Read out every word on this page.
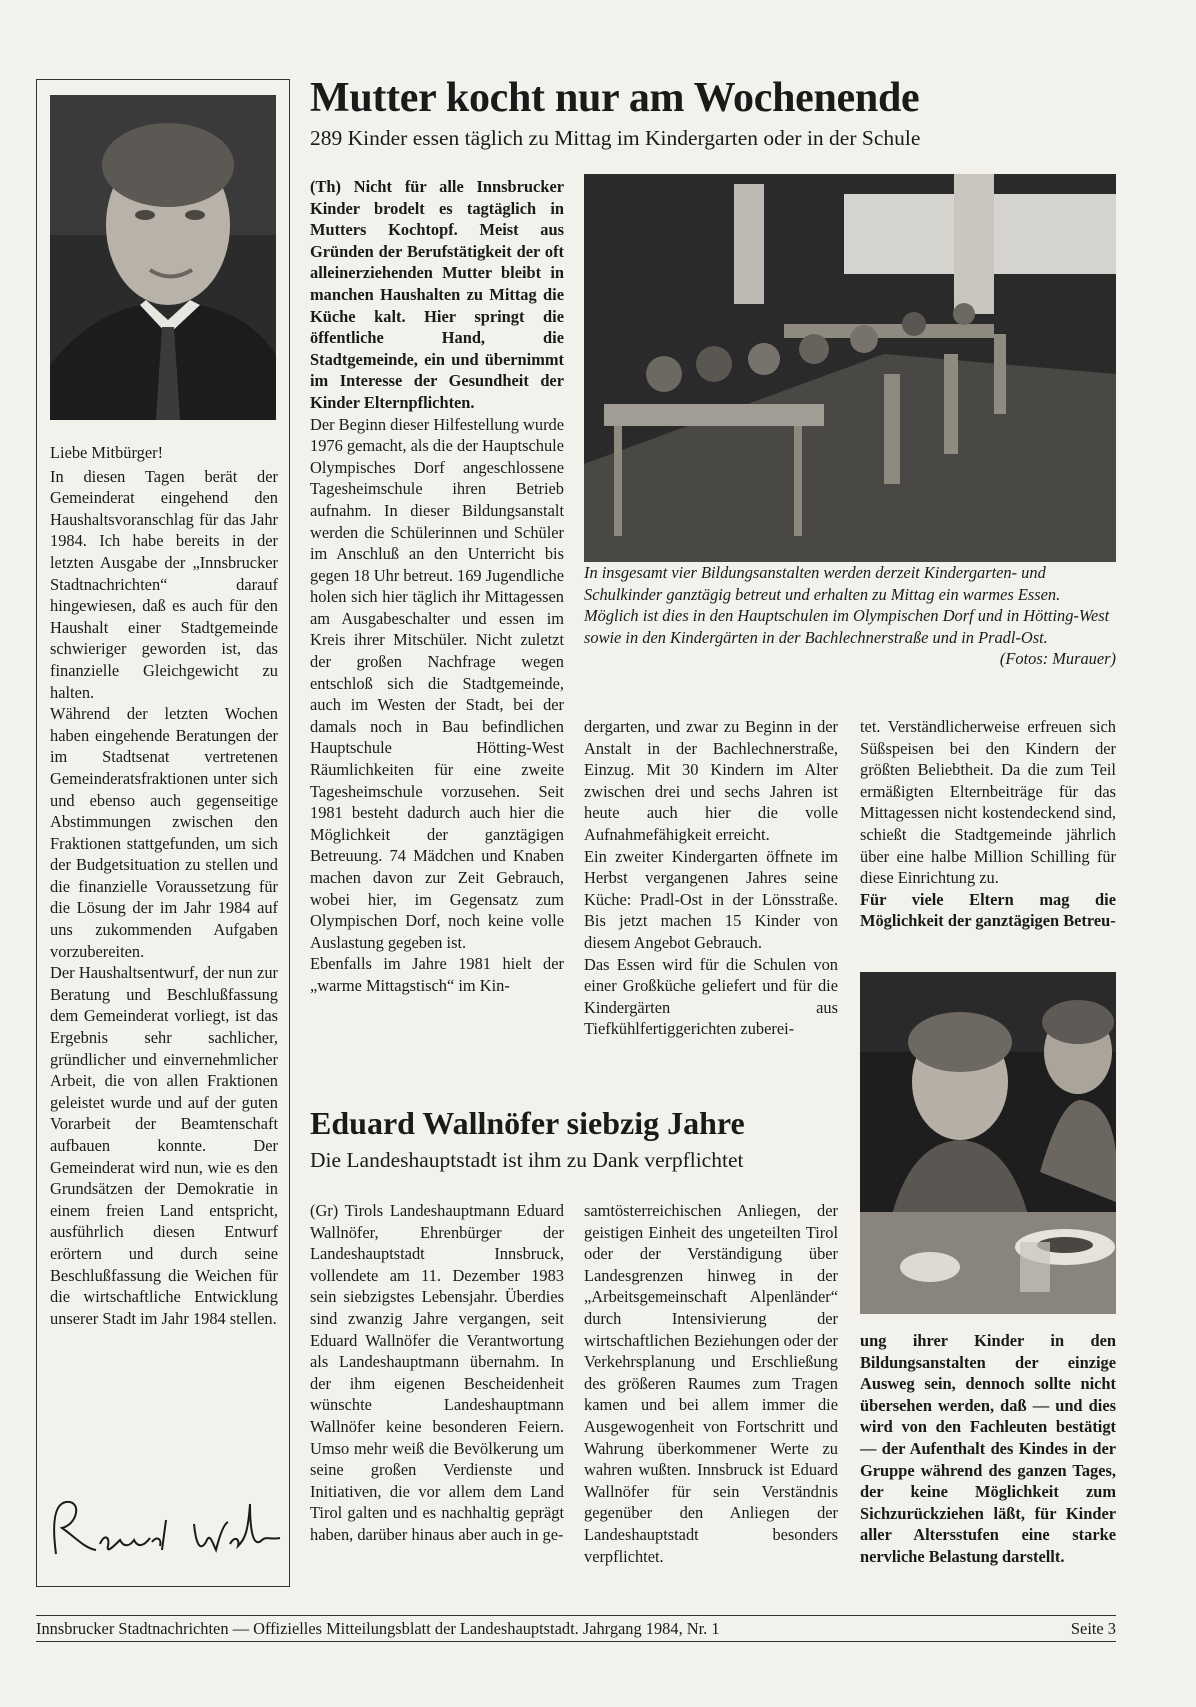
Liebe Mitbürger!

In diesen Tagen berät der Gemeinderat eingehend den Haushaltsvoranschlag für das Jahr 1984. Ich habe bereits in der letzten Ausgabe der „Innsbrucker Stadtnachrichten“ darauf hingewiesen, daß es auch für den Haushalt einer Stadtgemeinde schwieriger geworden ist, das finanzielle Gleichgewicht zu halten.

Während der letzten Wochen haben eingehende Beratungen der im Stadtsenat vertretenen Gemeinderatsfraktionen unter sich und ebenso auch gegenseitige Abstimmungen zwischen den Fraktionen stattgefunden, um sich der Budgetsituation zu stellen und die finanzielle Voraussetzung für die Lösung der im Jahr 1984 auf uns zukommenden Aufgaben vorzubereiten.

Der Haushaltsentwurf, der nun zur Beratung und Beschlußfassung dem Gemeinderat vorliegt, ist das Ergebnis sehr sachlicher, gründlicher und einvernehmlicher Arbeit, die von allen Fraktionen geleistet wurde und auf der guten Vorarbeit der Beamtenschaft aufbauen konnte. Der Gemeinderat wird nun, wie es den Grundsätzen der Demokratie in einem freien Land entspricht, ausführlich diesen Entwurf erörtern und durch seine Beschlußfassung die Weichen für die wirtschaftliche Entwicklung unserer Stadt im Jahr 1984 stellen.

Mutter kocht nur am Wochenende
289 Kinder essen täglich zu Mittag im Kindergarten oder in der Schule

(Th) Nicht für alle Innsbrucker Kinder brodelt es tagtäglich in Mutters Kochtopf. Meist aus Gründen der Berufstätigkeit der oft alleinerziehenden Mutter bleibt in manchen Haushalten zu Mittag die Küche kalt. Hier springt die öffentliche Hand, die Stadtgemeinde, ein und übernimmt im Interesse der Gesundheit der Kinder Elternpflichten.

Der Beginn dieser Hilfestellung wurde 1976 gemacht, als die der Hauptschule Olympisches Dorf angeschlossene Tagesheimschule ihren Betrieb aufnahm. In dieser Bildungsanstalt werden die Schülerinnen und Schüler im Anschluß an den Unterricht bis gegen 18 Uhr betreut. 169 Jugendliche holen sich hier täglich ihr Mittagessen am Ausgabeschalter und essen im Kreis ihrer Mitschüler. Nicht zuletzt der großen Nachfrage wegen entschloß sich die Stadtgemeinde, auch im Westen der Stadt, bei der damals noch in Bau befindlichen Hauptschule Hötting-West Räumlichkeiten für eine zweite Tagesheimschule vorzusehen. Seit 1981 besteht dadurch auch hier die Möglichkeit der ganztägigen Betreuung. 74 Mädchen und Knaben machen davon zur Zeit Gebrauch, wobei hier, im Gegensatz zum Olympischen Dorf, noch keine volle Auslastung gegeben ist.

Ebenfalls im Jahre 1981 hielt der „warme Mittagstisch“ im Kin-

In insgesamt vier Bildungsanstalten werden derzeit Kindergarten- und Schulkinder ganztägig betreut und erhalten zu Mittag ein warmes Essen. Möglich ist dies in den Hauptschulen im Olympischen Dorf und in Hötting-West sowie in den Kindergärten in der Bachlechnerstraße und in Pradl-Ost.
(Fotos: Murauer)

dergarten, und zwar zu Beginn in der Anstalt in der Bachlechnerstraße, Einzug. Mit 30 Kindern im Alter zwischen drei und sechs Jahren ist heute auch hier die volle Aufnahmefähigkeit erreicht.

Ein zweiter Kindergarten öffnete im Herbst vergangenen Jahres seine Küche: Pradl-Ost in der Lönsstraße. Bis jetzt machen 15 Kinder von diesem Angebot Gebrauch.

Das Essen wird für die Schulen von einer Großküche geliefert und für die Kindergärten aus Tiefkühlfertiggerichten zuberei-

tet. Verständlicherweise erfreuen sich Süßspeisen bei den Kindern der größten Beliebtheit. Da die zum Teil ermäßigten Elternbeiträge für das Mittagessen nicht kostendeckend sind, schießt die Stadtgemeinde jährlich über eine halbe Million Schilling für diese Einrichtung zu.

Für viele Eltern mag die Möglichkeit der ganztägigen Betreu-

ung ihrer Kinder in den Bildungsanstalten der einzige Ausweg sein, dennoch sollte nicht übersehen werden, daß — und dies wird von den Fachleuten bestätigt — der Aufenthalt des Kindes in der Gruppe während des ganzen Tages, der keine Möglichkeit zum Sichzurückziehen läßt, für Kinder aller Altersstufen eine starke nervliche Belastung darstellt.

Eduard Wallnöfer siebzig Jahre
Die Landeshauptstadt ist ihm zu Dank verpflichtet

(Gr) Tirols Landeshauptmann Eduard Wallnöfer, Ehrenbürger der Landeshauptstadt Innsbruck, vollendete am 11. Dezember 1983 sein siebzigstes Lebensjahr. Überdies sind zwanzig Jahre vergangen, seit Eduard Wallnöfer die Verantwortung als Landeshauptmann übernahm. In der ihm eigenen Bescheidenheit wünschte Landeshauptmann Wallnöfer keine besonderen Feiern. Umso mehr weiß die Bevölkerung um seine großen Verdienste und Initiativen, die vor allem dem Land Tirol galten und es nachhaltig geprägt haben, darüber hinaus aber auch in ge-

samtösterreichischen Anliegen, der geistigen Einheit des ungeteilten Tirol oder der Verständigung über Landesgrenzen hinweg in der „Arbeitsgemeinschaft Alpenländer“ durch Intensivierung der wirtschaftlichen Beziehungen oder der Verkehrsplanung und Erschließung des größeren Raumes zum Tragen kamen und bei allem immer die Ausgewogenheit von Fortschritt und Wahrung überkommener Werte zu wahren wußten. Innsbruck ist Eduard Wallnöfer für sein Verständnis gegenüber den Anliegen der Landeshauptstadt besonders verpflichtet.

Innsbrucker Stadtnachrichten — Offizielles Mitteilungsblatt der Landeshauptstadt. Jahrgang 1984, Nr. 1	Seite 3
